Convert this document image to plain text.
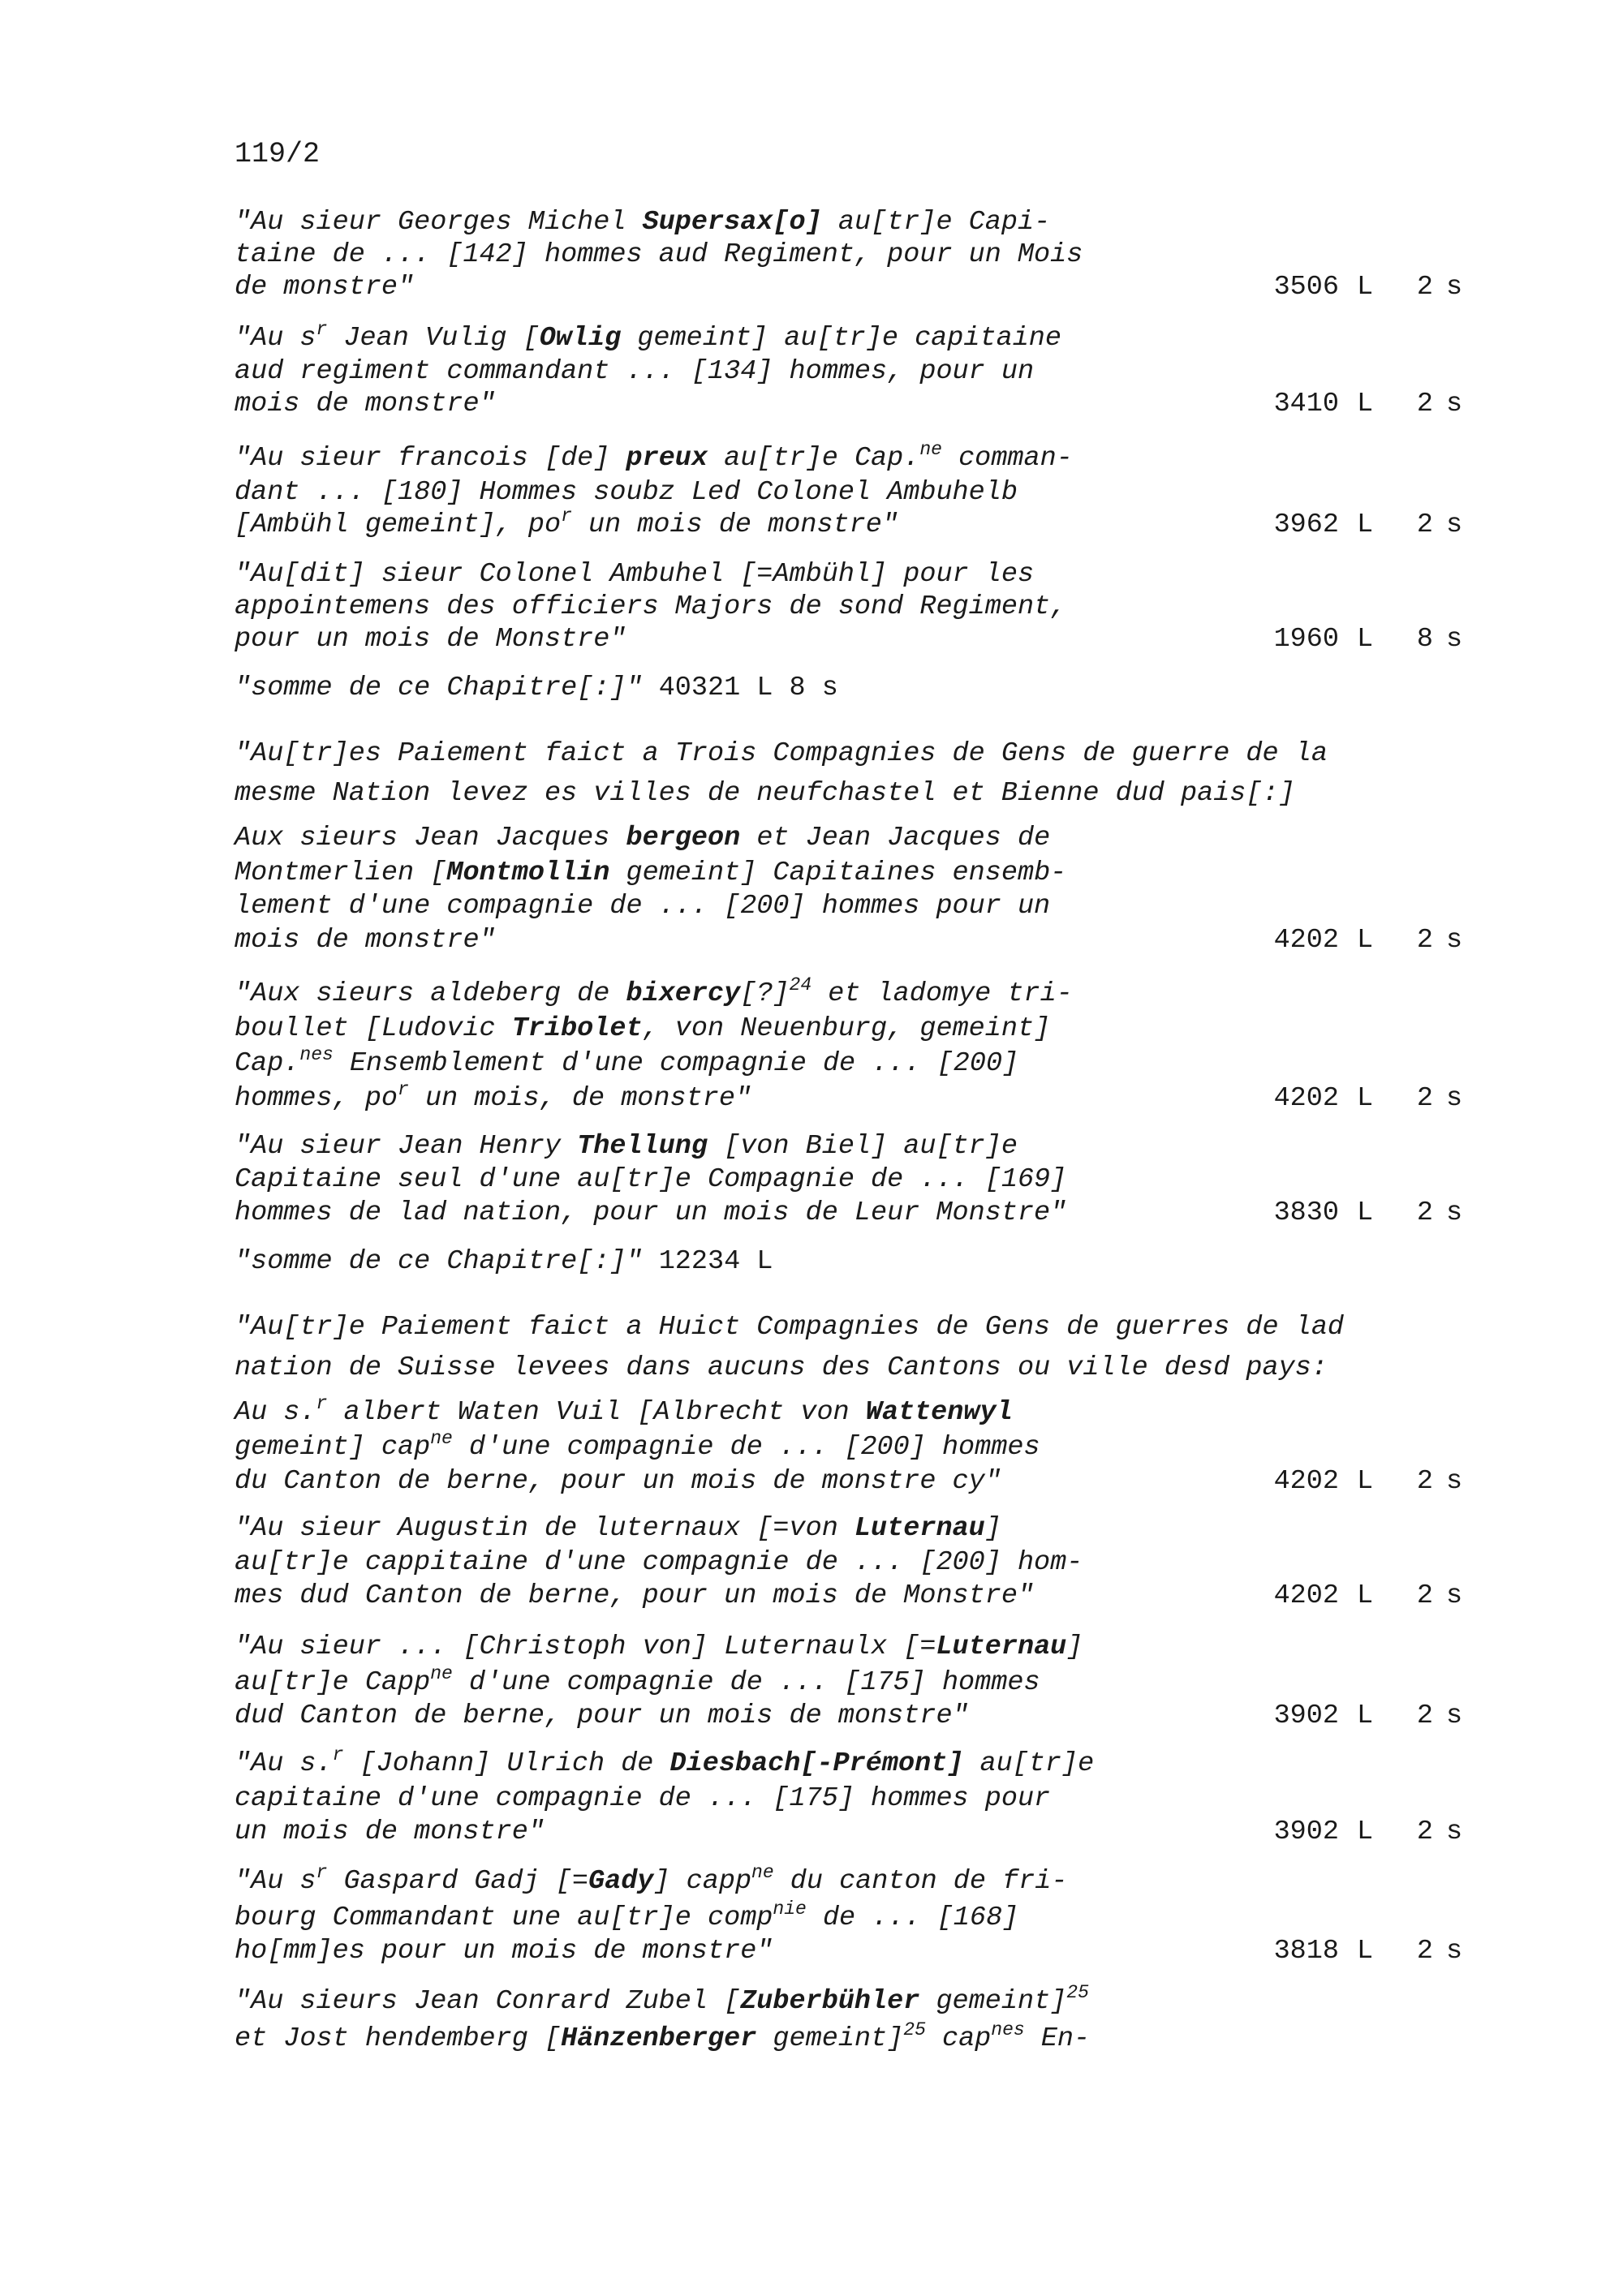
119/2
"Au sieur Georges Michel Supersax[o] au[tr]e Capi-
taine de ... [142] hommes aud Regiment, pour un Mois
de monstre"	3506 L 2 s
"Au $s^r$ Jean Vulig [Owlig gemeint] au[tr]e capitaine
aud regiment commandant ... [134] hommes, pour un
mois de monstre"	3410 L 2 s
"Au sieur francois [de] preux au[tr]e Cap.$^{ne}$ comman-
dant ... [180] Hommes soubz Led Colonel Ambuhelb
[Ambühl gemeint], $po^r$ un mois de monstre"	3962 L 2 s
"Au[dit] sieur Colonel Ambuhel [=Ambühl] pour les
appointemens des officiers Majors de sond Regiment,
pour un mois de Monstre"	1960 L 8 s
"somme de ce Chapitre[:]" 40321 L 8 s
"Au[tr]es Paiement faict a Trois Compagnies de Gens de guerre de la
mesme Nation levez es villes de neufchastel et Bienne dud pais[:]
Aux sieurs Jean Jacques bergeon et Jean Jacques de
Montmerlien [Montmollin gemeint] Capitaines ensemb-
lement d'une compagnie de ... [200] hommes pour un
mois de monstre"	4202 L 2 s
"Aux sieurs aldeberg de bixercy[?]$^{24}$ et ladomye tri-
boullet [Ludovic Tribolet, von Neuenburg, gemeint]
Cap.$^{nes}$ Ensemblement d'une compagnie de ... [200]
hommes, $po^r$ un mois, de monstre"	4202 L 2 s
"Au sieur Jean Henry Thellung [von Biel] au[tr]e
Capitaine seul d'une au[tr]e Compagnie de ... [169]
hommes de lad nation, pour un mois de Leur Monstre"	3830 L 2 s
"somme de ce Chapitre[:]" 12234 L
"Au[tr]e Paiement faict a Huict Compagnies de Gens de guerres de lad
nation de Suisse levees dans aucuns des Cantons ou ville desd pays:
Au s.$^r$ albert Waten Vuil [Albrecht von Wattenwyl
gemeint] cap$^{ne}$ d'une compagnie de ... [200] hommes
du Canton de berne, pour un mois de monstre cy"	4202 L 2 s
"Au sieur Augustin de luternaux [=von Luternau]
au[tr]e cappitaine d'une compagnie de ... [200] hom-
mes dud Canton de berne, pour un mois de Monstre"	4202 L 2 s
"Au sieur ... [Christoph von] Luternaulx [=Luternau]
au[tr]e Capp$^{ne}$ d'une compagnie de ... [175] hommes
dud Canton de berne, pour un mois de monstre"	3902 L 2 s
"Au s.$^r$ [Johann] Ulrich de Diesbach[-Prémont] au[tr]e
capitaine d'une compagnie de ... [175] hommes pour
un mois de monstre"	3902 L 2 s
"Au $s^r$ Gaspard Gadj [=Gady] capp$^{ne}$ du canton de fri-
bourg Commandant une au[tr]e comp$^{nie}$ de ... [168]
ho[mm]es pour un mois de monstre"	3818 L 2 s
"Au sieurs Jean Conrard Zubel [Zuberbühler gemeint]$^{25}$
et Jost hendemberg [Hänzenberger gemeint]$^{25}$ cap$^{nes}$ En-
